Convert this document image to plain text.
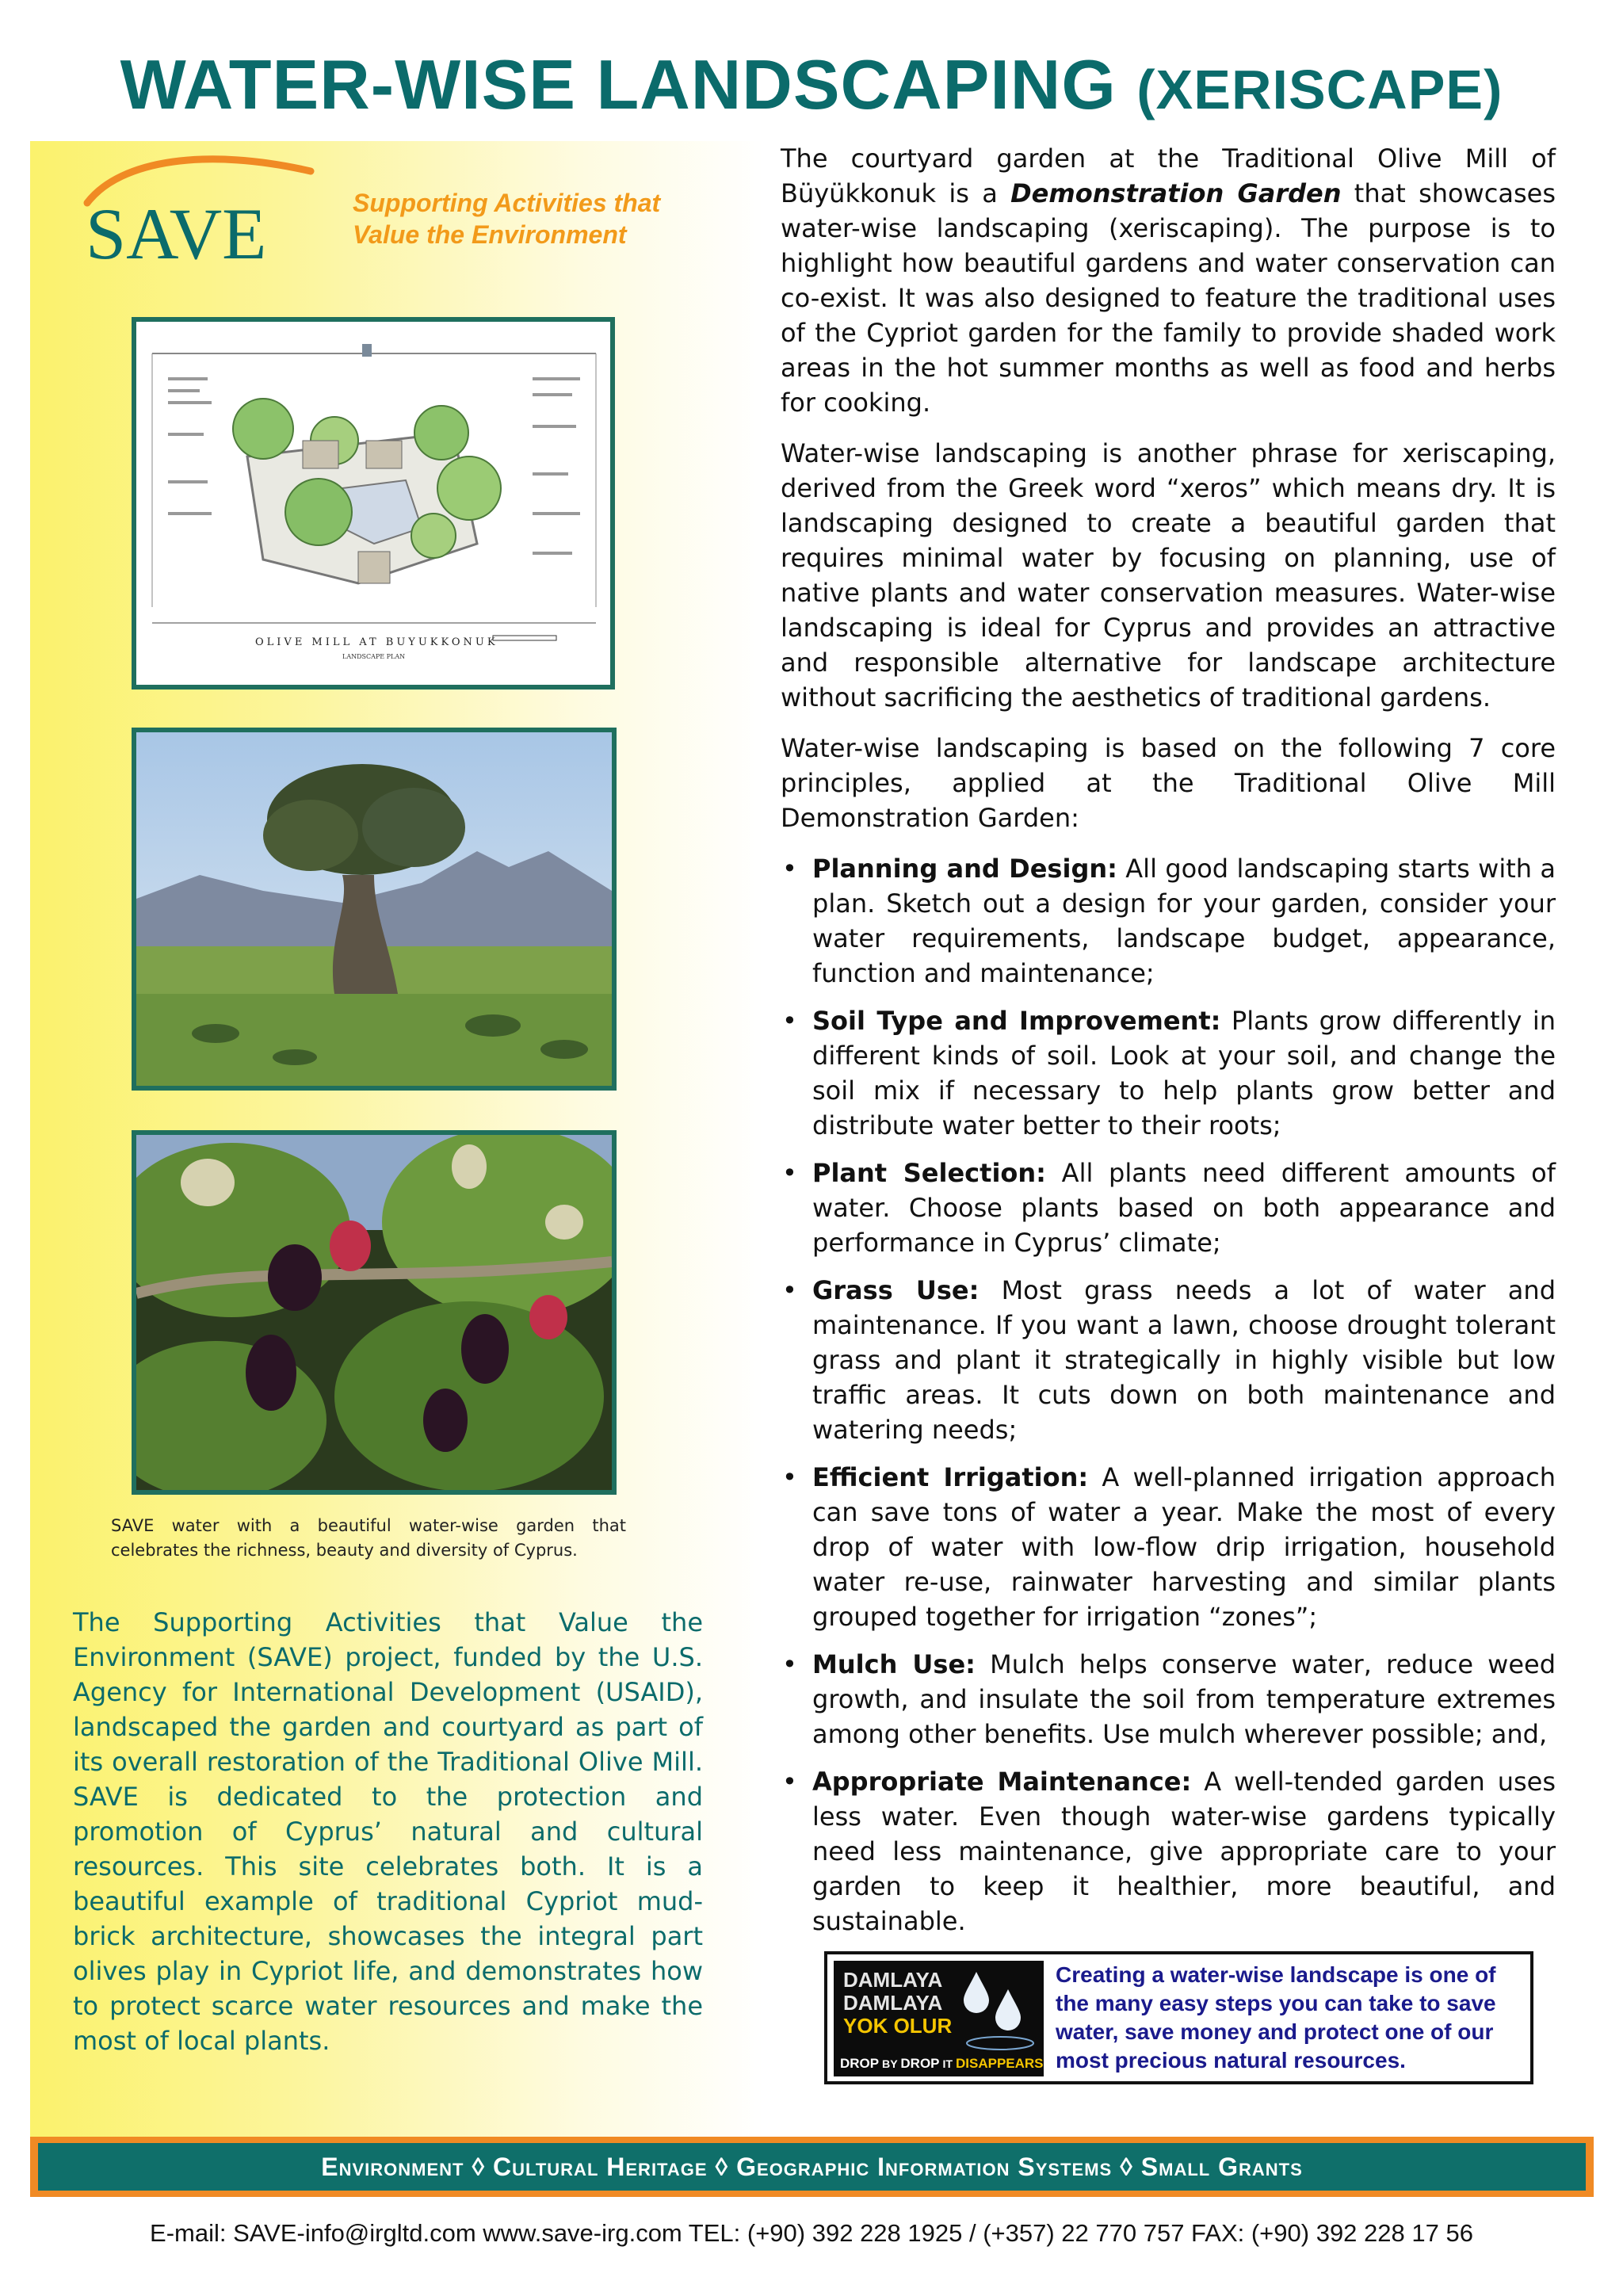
WATER-WISE LANDSCAPING (XERISCAPE)
SAVE	Supporting Activities that
Value the Environment
OLIVE MILL AT BUYUKKONUK
LANDSCAPE PLAN
SAVE water with a beautiful water-wise garden that celebrates the richness, beauty and diversity of Cyprus.
The Supporting Activities that Value the Environment (SAVE) project, funded by the U.S. Agency for International Development (USAID), landscaped the garden and courtyard as part of its overall restoration of the Traditional Olive Mill. SAVE is dedicated to the protection and promotion of Cyprus’ natural and cultural resources. This site celebrates both. It is a beautiful example of traditional Cypriot mud-brick architecture, showcases the integral part olives play in Cypriot life, and demonstrates how to protect scarce water resources and make the most of local plants.

The courtyard garden at the Traditional Olive Mill of Büyükkonuk is a Demonstration Garden that showcases water-wise landscaping (xeriscaping). The purpose is to highlight how beautiful gardens and water conservation can co-exist. It was also designed to feature the traditional uses of the Cypriot garden for the family to provide shaded work areas in the hot summer months as well as food and herbs for cooking.

Water-wise landscaping is another phrase for xeriscaping, derived from the Greek word “xeros” which means dry. It is landscaping designed to create a beautiful garden that requires minimal water by focusing on planning, use of native plants and water conservation measures. Water-wise landscaping is ideal for Cyprus and provides an attractive and responsible alternative for landscape architecture without sacrificing the aesthetics of traditional gardens.

Water-wise landscaping is based on the following 7 core principles, applied at the Traditional Olive Mill Demonstration Garden:

• Planning and Design: All good landscaping starts with a plan. Sketch out a design for your garden, consider your water requirements, landscape budget, appearance, function and maintenance;
• Soil Type and Improvement: Plants grow differently in different kinds of soil. Look at your soil, and change the soil mix if necessary to help plants grow better and distribute water better to their roots;
• Plant Selection: All plants need different amounts of water. Choose plants based on both appearance and performance in Cyprus’ climate;
• Grass Use: Most grass needs a lot of water and maintenance. If you want a lawn, choose drought tolerant grass and plant it strategically in highly visible but low traffic areas. It cuts down on both maintenance and watering needs;
• Efficient Irrigation: A well-planned irrigation approach can save tons of water a year. Make the most of every drop of water with low-flow drip irrigation, household water re-use, rainwater harvesting and similar plants grouped together for irrigation “zones”;
• Mulch Use: Mulch helps conserve water, reduce weed growth, and insulate the soil from temperature extremes among other benefits. Use mulch wherever possible; and,
• Appropriate Maintenance: A well-tended garden uses less water. Even though water-wise gardens typically need less maintenance, give appropriate care to your garden to keep it healthier, more beautiful, and sustainable.
DAMLAYA
DAMLAYA
YOK OLUR
DROP BY DROP IT DISAPPEARS
Creating a water-wise landscape is one of the many easy steps you can take to save water, save money and protect one of our most precious natural resources.
Environment ◊ Cultural Heritage ◊ Geographic Information Systems ◊ Small Grants
E-mail: SAVE-info@irgltd.com www.save-irg.com TEL: (+90) 392 228 1925 / (+357) 22 770 757 FAX: (+90) 392 228 17 56
